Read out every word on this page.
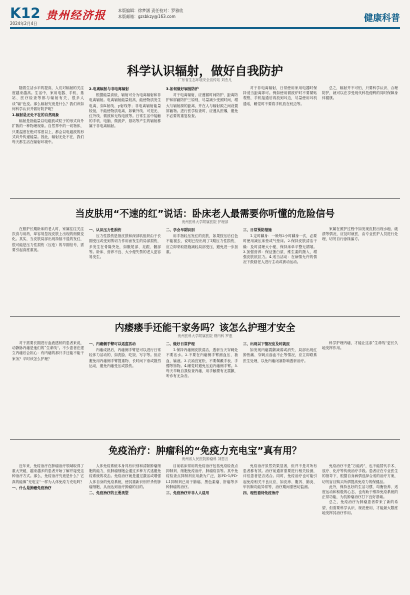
K12
2024年2月4日
贵州经济报	本版编辑：徐梦涵 责任校对：罗雅欣
本版邮箱：gzsbkzy@163.com	健康科普
科学认识辐射，做好自我防护
广东省生态环境安全宣传站 刘杰凡

随着生活水平的提高，人们对辐射的关注度越来越高。生活中，家用电器、手机、基站、医疗检查等都与辐射有关，很多人谈“辐”色变。那么辐射究竟是什么？我们该如何科学认识并做好防护呢？

1.辐射是无处不在的自然现象

辐射是指能量以电磁波或粒子的形式向外扩散的一种物理现象。自然界中的一切物体，只要温度在绝对零度以上，都会以电磁波的形式向外传递能量。因此，辐射无处不在，我们每天都生活在辐射环境中。

2.电离辐射与非电离辐射

根据能量高低，辐射可分为电离辐射和非电离辐射。电离辐射能量较高，能使物质发生电离，如X射线、γ射线等；非电离辐射能量较低，不能使物质电离，如紫外线、可见光、红外线、微波和无线电波等。日常生活中接触的手机、电脑、微波炉、基站等产生的辐射都属于非电离辐射。

3.如何做好辐射防护

对于电离辐射，应遵循时间防护、距离防护和屏蔽防护三原则，尽量减少受照时间，增大与辐射源的距离，并在人与辐射源之间设置屏蔽物。进行医学检查时，应遵从医嘱，避免不必要的重复检查。

对于非电离辐射，日常使用家用电器时保持适当距离即可。例如使用微波炉时不要紧贴观察，手机接通后再放到耳边，尽量使用耳机通话，睡觉时不要将手机放在枕边等。

总之，辐射并不可怕，只要科学认识、合理防护，就可以在享受现代科技便利的同时保障身体健康。

当皮肤用“不速的红”说话：卧床老人最需要你听懂的危险信号
贵州医科大学附属医院 护理部

在照护长期卧床的老人时，家属往往关注饮食与用药，却容易忽视皮肤上出现的细微变化。其实，当皮肤局部出现持续不退的发红，很可能是压力性损伤（压疮）的早期信号，需要引起高度重视。

一、认识压力性损伤

压力性损伤是指皮肤和深部软组织由于长期受压或受到剪切力作用而发生的局部损伤，多发生在骨隆突处，如骶尾部、足跟、髋部等。卧床、营养不良、大小便失禁的老人更容易发生。

二、学会早期识别

用手指轻压发红的皮肤，如果按压后红色不能褪去，说明已经出现了1期压力性损伤，应立即采取措施减轻局部受压，避免进一步加重。

三、日常预防措施

1.定时翻身：一般每2小时翻身一次，必要时使用减压床垫或气垫床。2.保持皮肤清洁干燥：及时清理大小便，保持床单平整无褶皱。3.加强营养：保证蛋白质、维生素的摄入，增强皮肤抵抗力。4.适当活动：在病情允许的情况下鼓励老人进行主动或被动运动。

家属在照护过程中如发现皮肤出现水疱、破溃等情况，应及时就医，由专业医护人员进行处理，切勿自行涂抹偏方。

内痿瘘手还能干家务吗？该怎么护理才安全
贵州医科大学附属医院 肾内科 罗惠

对于需要长期进行血液透析的患者来说，动静脉内瘘是他们的“生命线”。不少患者在建立内瘘后会担心：有内瘘的那只手还能不能干家务？平时该怎么护理？

一、内瘘侧手臂可以适度活动

内瘘成熟后，内瘘侧手臂是可以进行日常轻体力活动的，如洗脸、吃饭、写字等。但应避免用内瘘侧手臂提重物、长时间下垂或剧烈运动，避免内瘘受压或损伤。

二、做好日常护理

1.保持内瘘侧皮肤清洁，透析当天穿刺处不要沾水。2.不要在内瘘侧手臂测血压、抽血、输液。3.衣袖宜宽松，不要佩戴手表、手镯等饰物。4.睡觉时避免压迫内瘘侧手臂。5.每天早晚自我检查内瘘，用手触摸有无震颤，听诊有无杂音。

三、出现以下情况应及时就医

如发现内瘘震颤减弱或消失、局部出现红肿热痛、穿刺点渗血不止等情况，应立即联系医生处理，以免内瘘闭塞影响透析治疗。

科学护理内瘘，才能让这条“生命线”更长久地发挥作用。

免疫治疗：肿瘤科的“免疫力充电宝”真有用？
贵州省人民医院肿瘤科 刘思言

近年来，免疫治疗在肿瘤治疗领域取得了重大突破，越来越多的患者开始了解并接受这种治疗方式。那么，免疫治疗究竟是什么？它真的能像“充电宝”一样为人体免疫力充电吗？

一、什么是肿瘤免疫治疗

人体免疫系统本身具有识别和清除肿瘤细胞的能力，但肿瘤细胞会通过多种方式逃避免疫系统的攻击。免疫治疗就是通过激活或增强人体自身的免疫系统，使其重新识别并杀伤肿瘤细胞，从而达到治疗肿瘤的目的。

二、免疫治疗的主要类型

目前临床常用的免疫治疗包括免疫检查点抑制剂、细胞免疫治疗、肿瘤疫苗等。其中免疫检查点抑制剂应用最为广泛，如PD-1/PD-L1抑制剂已用于肺癌、黑色素瘤、肝癌等多种肿瘤的治疗。

三、免疫治疗并非人人适用

免疫治疗虽然效果显著，但并不是对所有患者都有效。治疗前通常需要进行相关检测，评估患者是否适合。同时，免疫治疗也可能引起免疫相关不良反应，如皮疹、腹泻、肺炎、甲状腺功能异常等，治疗期间需密切监测。

四、理性看待免疫治疗

免疫治疗不是“万能药”，也不能替代手术、放疗、化疗等传统治疗手段。患者应在专业医生的指导下，根据自身病情选择合适的治疗方案，切勿盲目购买所谓提高免疫力的保健品。

此外，保持良好的生活习惯、均衡营养、适度运动和积极的心态，也有助于维持免疫系统的正常功能，为抗肿瘤治疗打下良好基础。

总之，免疫治疗为肿瘤患者带来了新的希望，但需要科学认识、规范使用，才能最大限度地发挥其治疗作用。
